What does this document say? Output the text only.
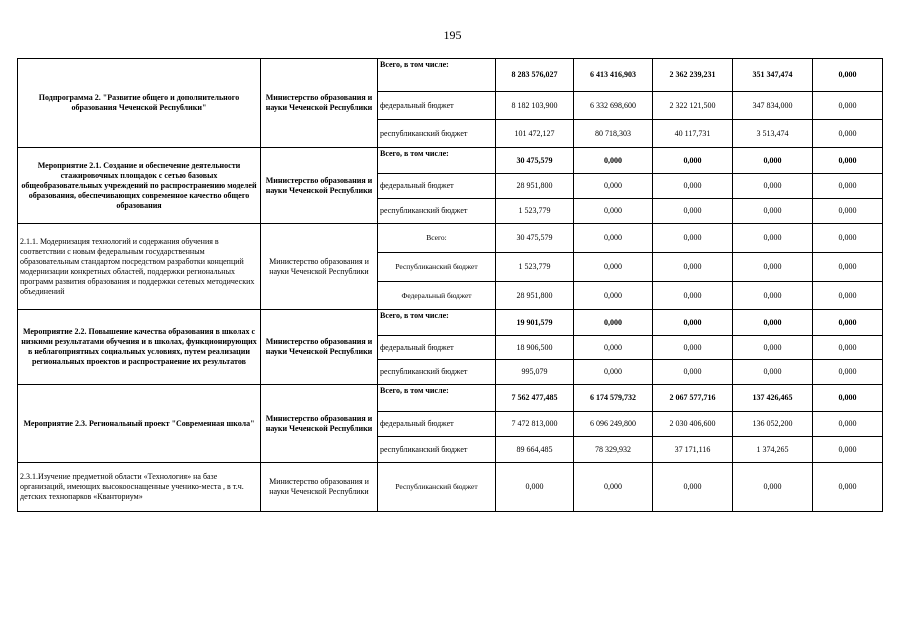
195
Подпрограмма 2. "Развитие общего и дополнительного образования Чеченской Республики"	Министерство образования и науки Чеченской Республики	Всего, в том числе:	8 283 576,027	6 413 416,903	2 362 239,231	351 347,474	0,000
		федеральный бюджет	8 182 103,900	6 332 698,600	2 322 121,500	347 834,000	0,000
		республиканский бюджет	101 472,127	80 718,303	40 117,731	3 513,474	0,000
Мероприятие 2.1. Создание и обеспечение деятельности стажировочных площадок с сетью базовых общеобразовательных учреждений по распространению моделей образования, обеспечивающих современное качество общего образования	Министерство образования и науки Чеченской Республики	Всего, в том числе:	30 475,579	0,000	0,000	0,000	0,000
		федеральный бюджет	28 951,800	0,000	0,000	0,000	0,000
		республиканский бюджет	1 523,779	0,000	0,000	0,000	0,000
2.1.1. Модернизация технологий и содержания обучения в соответствии с новым федеральным государственным образовательным стандартом посредством разработки концепций модернизации конкретных областей, поддержки региональных программ развития образования и поддержки сетевых методических объединений	Министерство образования и науки Чеченской Республики	Всего:	30 475,579	0,000	0,000	0,000	0,000
		Республиканский бюджет	1 523,779	0,000	0,000	0,000	0,000
		Федеральный бюджет	28 951,800	0,000	0,000	0,000	0,000
Мероприятие 2.2. Повышение качества образования в школах с низкими результатами обучения и в школах, функционирующих в неблагоприятных социальных условиях, путем реализации региональных проектов и распространение их результатов	Министерство образования и науки Чеченской Республики	Всего, в том числе:	19 901,579	0,000	0,000	0,000	0,000
		федеральный бюджет	18 906,500	0,000	0,000	0,000	0,000
		республиканский бюджет	995,079	0,000	0,000	0,000	0,000
Мероприятие 2.3. Региональный проект "Современная школа"	Министерство образования и науки Чеченской Республики	Всего, в том числе:	7 562 477,485	6 174 579,732	2 067 577,716	137 426,465	0,000
		федеральный бюджет	7 472 813,000	6 096 249,800	2 030 406,600	136 052,200	0,000
		республиканский бюджет	89 664,485	78 329,932	37 171,116	1 374,265	0,000
2.3.1.Изучение предметной области «Технология» на базе организаций, имеющих высокооснащенные ученико-места , в т.ч. детских технопарков «Кванториум»	Министерство образования и науки Чеченской Республики	Республиканский бюджет	0,000	0,000	0,000	0,000	0,000
